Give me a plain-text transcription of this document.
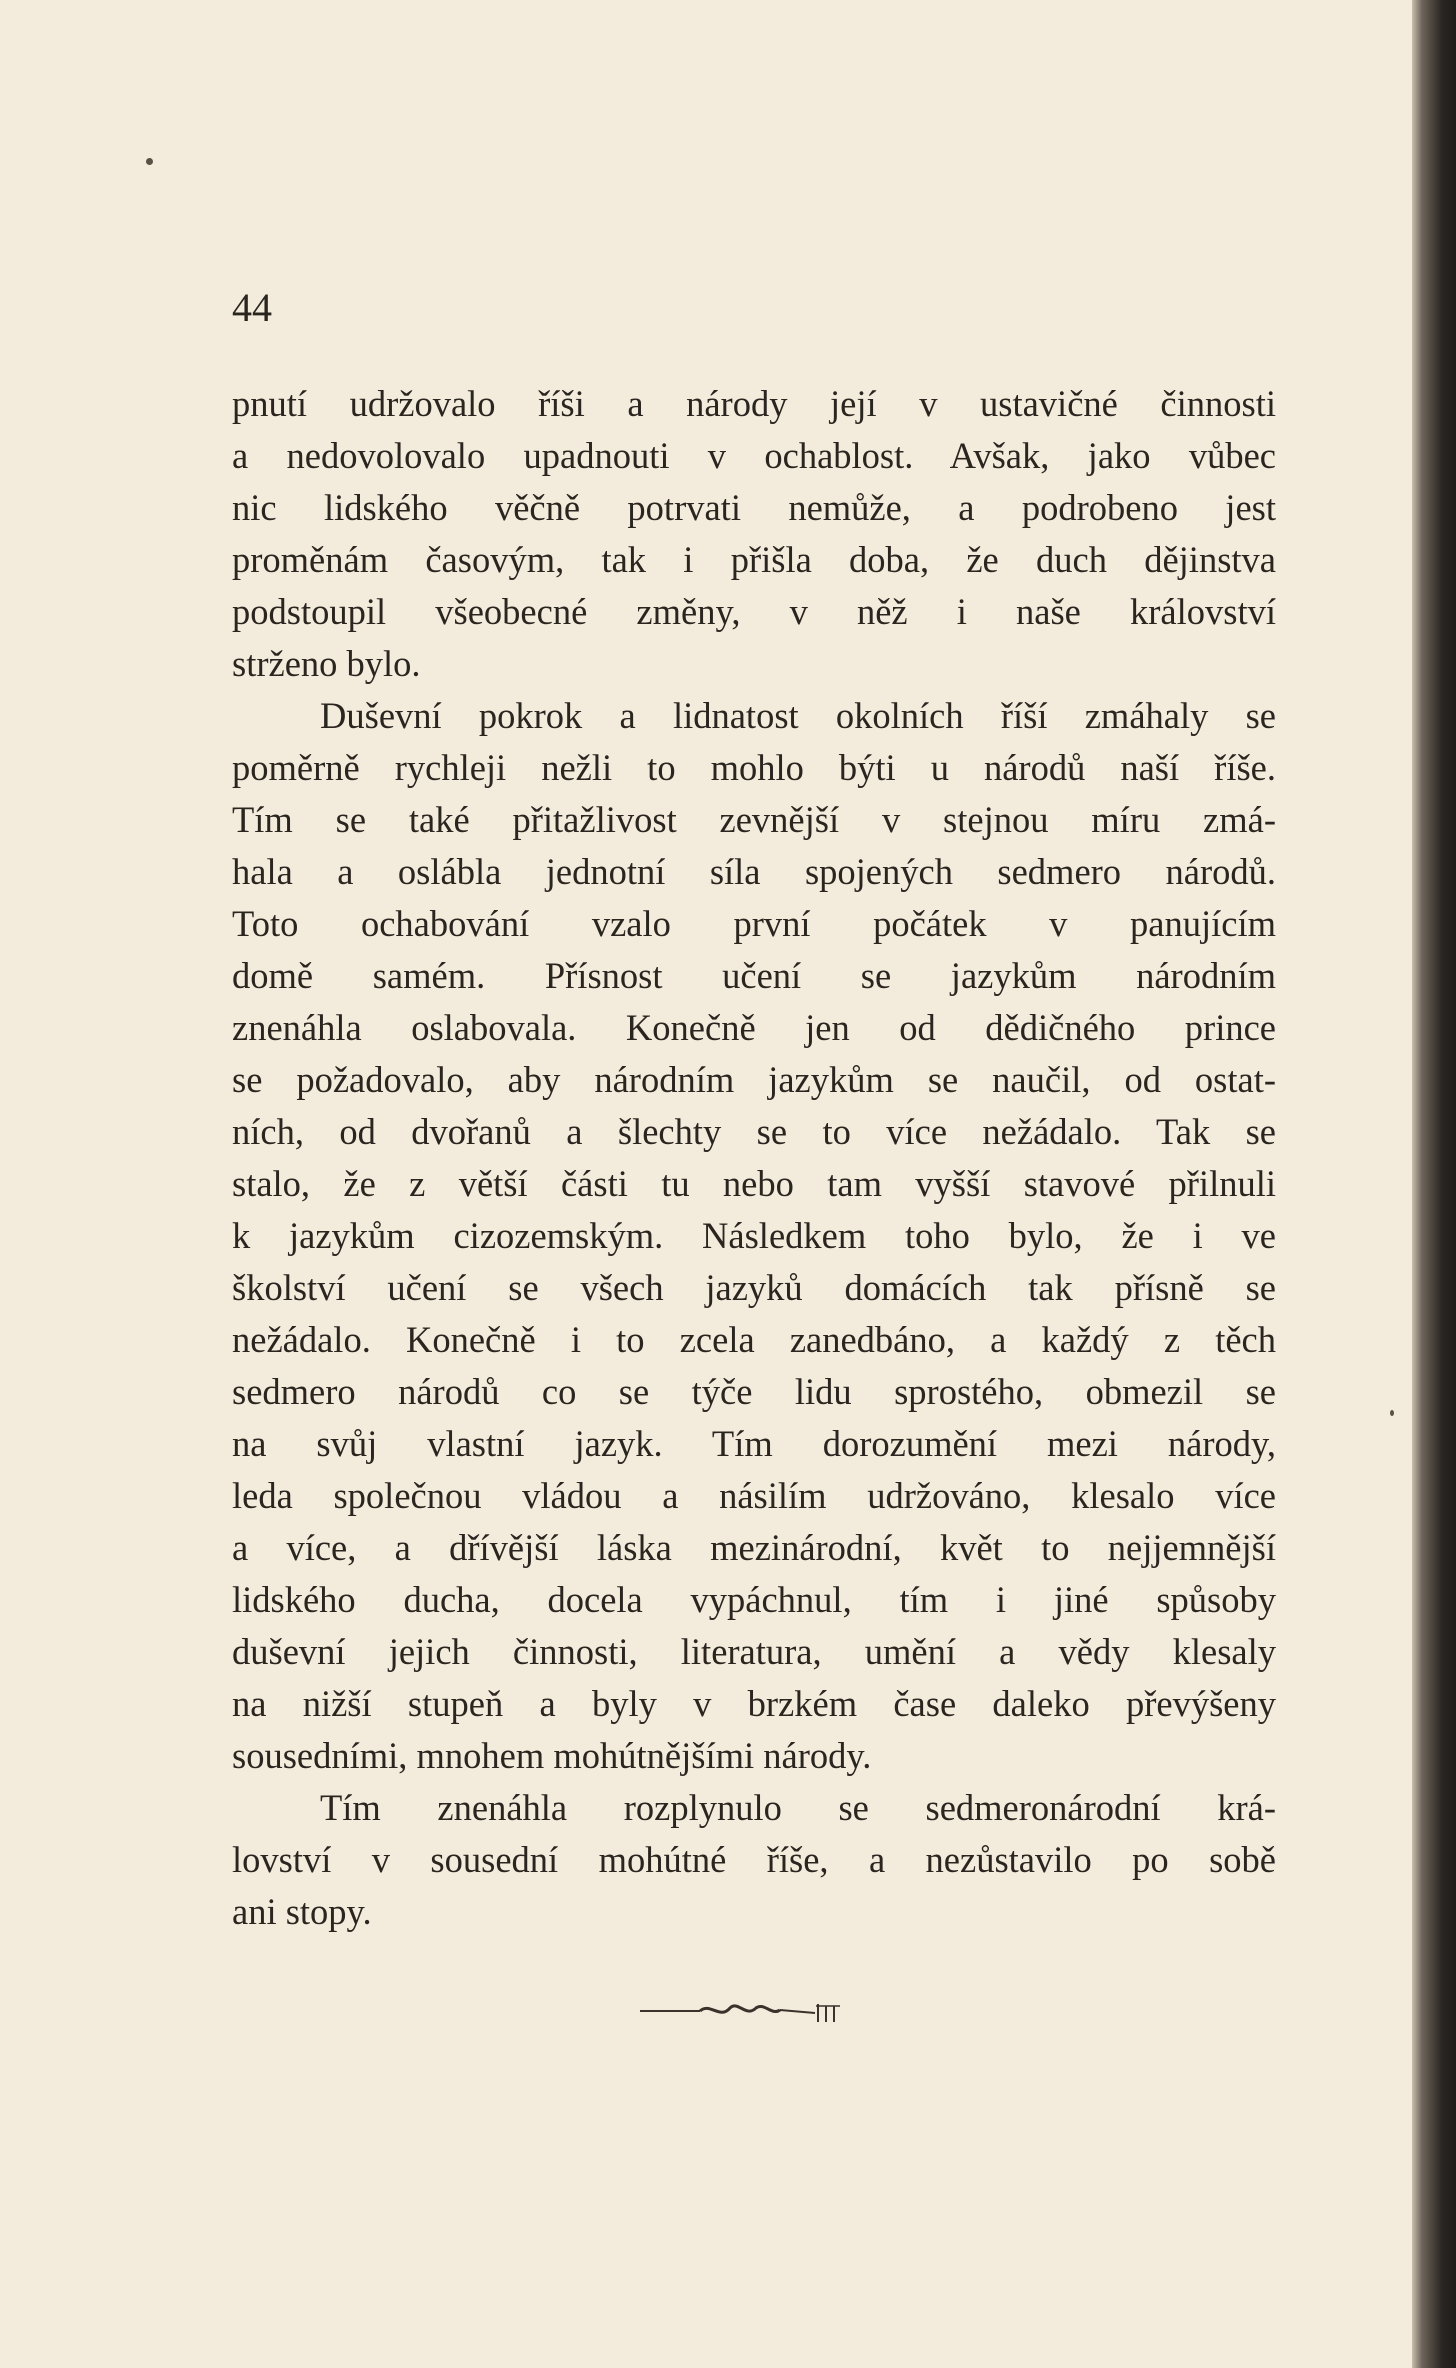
44
pnutí udržovalo říši a národy její v ustavičné činnosti
a nedovolovalo upadnouti v ochablost. Avšak, jako vůbec
nic lidského věčně potrvati nemůže, a podrobeno jest
proměnám časovým, tak i přišla doba, že duch dějinstva
podstoupil všeobecné změny, v něž i naše království
strženo bylo.
Duševní pokrok a lidnatost okolních říší zmáhaly se
poměrně rychleji nežli to mohlo býti u národů naší říše.
Tím se také přitažlivost zevnější v stejnou míru zmá-
hala a oslábla jednotní síla spojených sedmero národů.
Toto ochabování vzalo první počátek v panujícím
domě samém. Přísnost učení se jazykům národním
znenáhla oslabovala. Konečně jen od dědičného prince
se požadovalo, aby národním jazykům se naučil, od ostat-
ních, od dvořanů a šlechty se to více nežádalo. Tak se
stalo, že z větší části tu nebo tam vyšší stavové přilnuli
k jazykům cizozemským. Následkem toho bylo, že i ve
školství učení se všech jazyků domácích tak přísně se
nežádalo. Konečně i to zcela zanedbáno, a každý z těch
sedmero národů co se týče lidu sprostého, obmezil se
na svůj vlastní jazyk. Tím dorozumění mezi národy,
leda společnou vládou a násilím udržováno, klesalo více
a více, a dřívější láska mezinárodní, květ to nejjemnější
lidského ducha, docela vypáchnul, tím i jiné spůsoby
duševní jejich činnosti, literatura, umění a vědy klesaly
na nižší stupeň a byly v brzkém čase daleko převýšeny
sousedními, mnohem mohútnějšími národy.
Tím znenáhla rozplynulo se sedmeronárodní krá-
lovství v sousední mohútné říše, a nezůstavilo po sobě
ani stopy.
